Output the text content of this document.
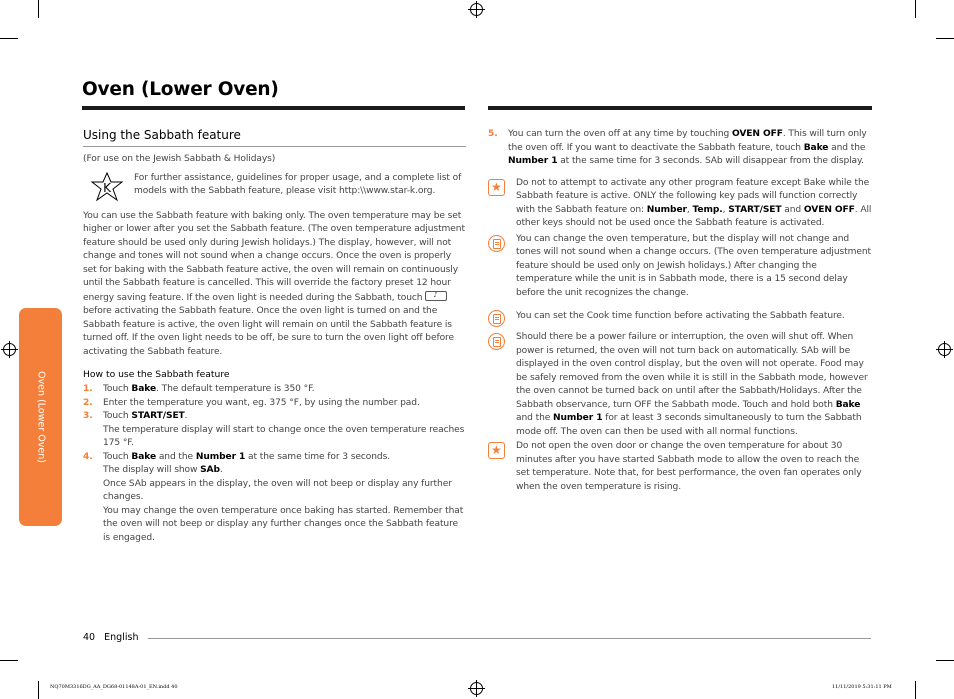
Oven (Lower Oven)
Oven (Lower Oven)
Using the Sabbath feature
(For use on the Jewish Sabbath & Holidays)
K
For further assistance, guidelines for proper usage, and a complete list of models with the Sabbath feature, please visit http:\\www.star-k.org.
You can use the Sabbath feature with baking only. The oven temperature may be set higher or lower after you set the Sabbath feature. (The oven temperature adjustment feature should be used only during Jewish holidays.) The display, however, will not change and tones will not sound when a change occurs. Once the oven is properly set for baking with the Sabbath feature active, the oven will remain on continuously until the Sabbath feature is cancelled. This will override the factory preset 12 hour energy saving feature. If the oven light is needed during the Sabbath, touch ♪ before activating the Sabbath feature. Once the oven light is turned on and the Sabbath feature is active, the oven light will remain on until the Sabbath feature is turned off. If the oven light needs to be off, be sure to turn the oven light off before activating the Sabbath feature.
How to use the Sabbath feature
1.	Touch Bake. The default temperature is 350 °F.
2.	Enter the temperature you want, eg. 375 °F, by using the number pad.
3.	Touch START/SET.
The temperature display will start to change once the oven temperature reaches 175 °F.
4.	Touch Bake and the Number 1 at the same time for 3 seconds.
The display will show SAb.
Once SAb appears in the display, the oven will not beep or display any further changes.
You may change the oven temperature once baking has started. Remember that the oven will not beep or display any further changes once the Sabbath feature is engaged.
5.	You can turn the oven off at any time by touching OVEN OFF. This will turn only the oven off. If you want to deactivate the Sabbath feature, touch Bake and the Number 1 at the same time for 3 seconds. SAb will disappear from the display.
★
Do not to attempt to activate any other program feature except Bake while the Sabbath feature is active. ONLY the following key pads will function correctly with the Sabbath feature on: Number, Temp., START/SET and OVEN OFF. All other keys should not be used once the Sabbath feature is activated.
You can change the oven temperature, but the display will not change and tones will not sound when a change occurs. (The oven temperature adjustment feature should be used only on Jewish holidays.) After changing the temperature while the unit is in Sabbath mode, there is a 15 second delay before the unit recognizes the change.
You can set the Cook time function before activating the Sabbath feature.
Should there be a power failure or interruption, the oven will shut off. When power is returned, the oven will not turn back on automatically. SAb will be displayed in the oven control display, but the oven will not operate. Food may be safely removed from the oven while it is still in the Sabbath mode, however the oven cannot be turned back on until after the Sabbath/Holidays. After the Sabbath observance, turn OFF the Sabbath mode. Touch and hold both Bake and the Number 1 for at least 3 seconds simultaneously to turn the Sabbath mode off. The oven can then be used with all normal functions.
★
Do not open the oven door or change the oven temperature for about 30 minutes after you have started Sabbath mode to allow the oven to reach the set temperature. Note that, for best performance, the oven fan operates only when the oven temperature is rising.
40 English
NQ70M3316DG_AA_DG68-01148A-01_EN.indd 40	11/11/2019 5:31:11 PM
